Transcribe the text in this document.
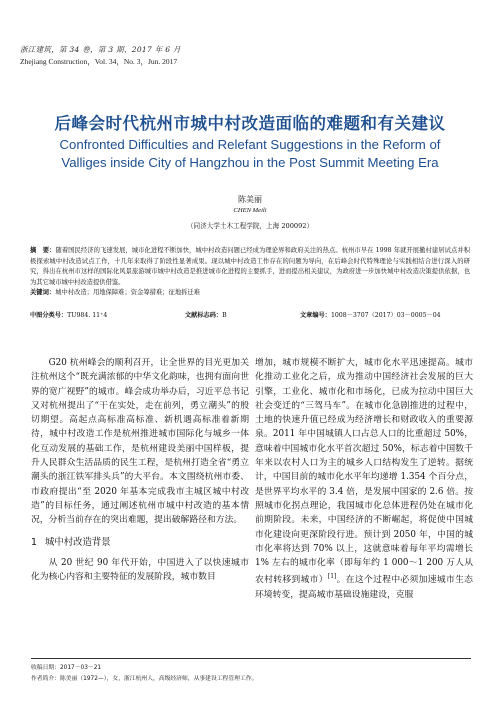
浙江建筑，第 34 卷，第 3 期，2017 年 6 月
Zhejiang Construction，Vol. 34，No. 3，Jun. 2017
后峰会时代杭州市城中村改造面临的难题和有关建议
Confronted Difficulties and Relefant Suggestions in the Reform of
Valliges inside City of Hangzhou in the Post Summit Meeting Era
陈美丽
CHEN Meili
（同济大学土木工程学院，上海 200092）
摘　要：随着国民经济的飞速发展，城市化进程不断加快，城中村改造问题已经成为理论界和政府关注的热点。杭州市早在 1998 年就开展撤村建居试点并积极探索城中村改造试点工作，十几年来取得了阶段性显著成果。现以城中村改造工作存在的问题为导向，在后峰会时代特殊理论与实践相结合进行深入的研究，得出在杭州市这样的国际化风景旅游城市城中村改造是推进城市化进程的主要抓手，进而提出相关建议，为政府进一步加快城中村改造决策提供依据，也为其它城市城中村改造提供借鉴。
关键词：城中村改造；用地保障难；资金筹措难；征地拆迁难
中图分类号：TU984. 11⁺4	文献标志码：B	文章编号：1008－3707（2017）03－0005－04

G20 杭州峰会的顺利召开，让全世界的目光更加关注杭州这个“既充满浓郁的中华文化韵味，也拥有面向世界的宽广视野”的城市。峰会成功举办后，习近平总书记又对杭州提出了“干在实处，走在前列，勇立潮头”的殷切期望。高起点高标准高标准、新机遇高标准着新期待，城中村改造工作是杭州推进城市国际化与城乡一体化互动发展的基础工作，是杭州建设美丽中国样板，提升人民群众生活品质的民生工程，是杭州打造全省“勇立潮头的浙江铁军排头兵”的大平台。本文围绕杭州市委、市政府提出“至 2020 年基本完成我市主城区城中村改造”的目标任务，通过阐述杭州市城中村改造的基本情况，分析当前存在的突出难题，提出破解路径和方法。

1 城中村改造背景

从 20 世纪 90 年代开始，中国进入了以快速城市化为核心内容和主要特征的发展阶段，城市数目

增加，城市规模不断扩大，城市化水平迅速提高。城市化推动工业化之后，成为推动中国经济社会发展的巨大引擎，工业化、城市化和市场化，已成为拉动中国巨大社会变迁的“三驾马车”。在城市化急剧推进的过程中，土地的快速升值已经成为经济增长和财政收入的重要源泉。2011 年中国城镇人口占总人口的比重超过 50%，意味着中国城市化水平首次超过 50%，标志着中国数千年来以农村人口为主的城乡人口结构发生了逆转。据统计，中国目前的城市化水平年均递增 1.354 个百分点，是世界平均水平的 3.4 倍，是发展中国家的 2.6 倍。按照城市化拐点理论，我国城市化总体进程仍处在城市化前期阶段。未来，中国经济的不断崛起，将促使中国城市化建设向更深阶段行进。预计到 2050 年，中国的城市化率将达到 70% 以上，这就意味着每年平均需增长 1% 左右的城市化率（即每年约 1 000～1 200 万人从农村转移到城市）[1]。在这个过程中必须加速城市生态环境转变，提高城市基础设施建设，克服

收稿日期：2017－03－21
作者简介：陈美丽（1972—），女，浙江杭州人，高级经济师，从事建设工程管理工作。
